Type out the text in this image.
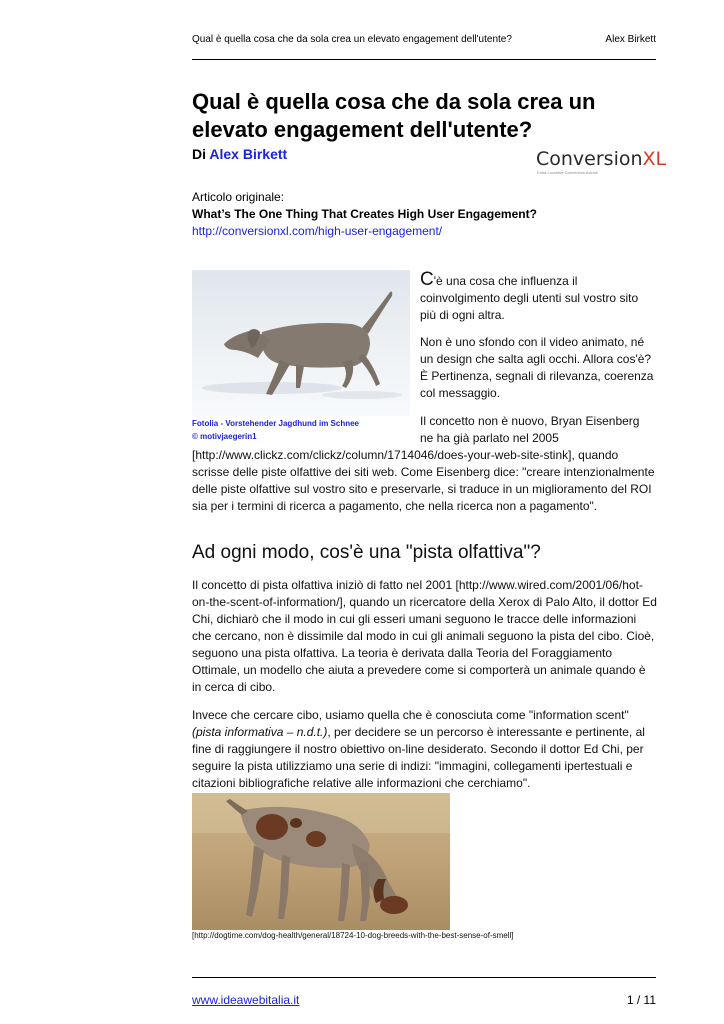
Qual è quella cosa che da sola crea un elevato engagement dell'utente?	Alex Birkett
Qual è quella cosa che da sola crea un elevato engagement dell'utente?
Di Alex Birkett	ConversionXL
Extra Lucrative Conversion Advice
Articolo originale:
What’s The One Thing That Creates High User Engagement?
http://conversionxl.com/high-user-engagement/
Fotolia - Vorstehender Jagdhund im Schnee
© motivjaegerin1
C'è una cosa che influenza il coinvolgimento degli utenti sul vostro sito più di ogni altra.
Non è uno sfondo con il video animato, né un design che salta agli occhi. Allora cos'è? È Pertinenza, segnali di rilevanza, coerenza col messaggio.
Il concetto non è nuovo, Bryan Eisenberg ne ha già parlato nel 2005
[http://www.clickz.com/clickz/column/1714046/does-your-web-site-stink], quando scrisse delle piste olfattive dei siti web. Come Eisenberg dice: "creare intenzionalmente delle piste olfattive sul vostro sito e preservarle, si traduce in un miglioramento del ROI sia per i termini di ricerca a pagamento, che nella ricerca non a pagamento".
Ad ogni modo, cos'è una "pista olfattiva"?
Il concetto di pista olfattiva iniziò di fatto nel 2001 [http://www.wired.com/2001/06/hot-on-the-scent-of-information/], quando un ricercatore della Xerox di Palo Alto, il dottor Ed Chi, dichiarò che il modo in cui gli esseri umani seguono le tracce delle informazioni che cercano, non è dissimile dal modo in cui gli animali seguono la pista del cibo. Cioè, seguono una pista olfattiva. La teoria è derivata dalla Teoria del Foraggiamento Ottimale, un modello che aiuta a prevedere come si comporterà un animale quando è in cerca di cibo.
Invece che cercare cibo, usiamo quella che è conosciuta come "information scent" (pista informativa – n.d.t.), per decidere se un percorso è interessante e pertinente, al fine di raggiungere il nostro obiettivo on-line desiderato. Secondo il dottor Ed Chi, per seguire la pista utilizziamo una serie di indizi: "immagini, collegamenti ipertestuali e citazioni bibliografiche relative alle informazioni che cerchiamo".
[http://dogtime.com/dog-health/general/18724-10-dog-breeds-with-the-best-sense-of-smell]
www.ideawebitalia.it	1 / 11
